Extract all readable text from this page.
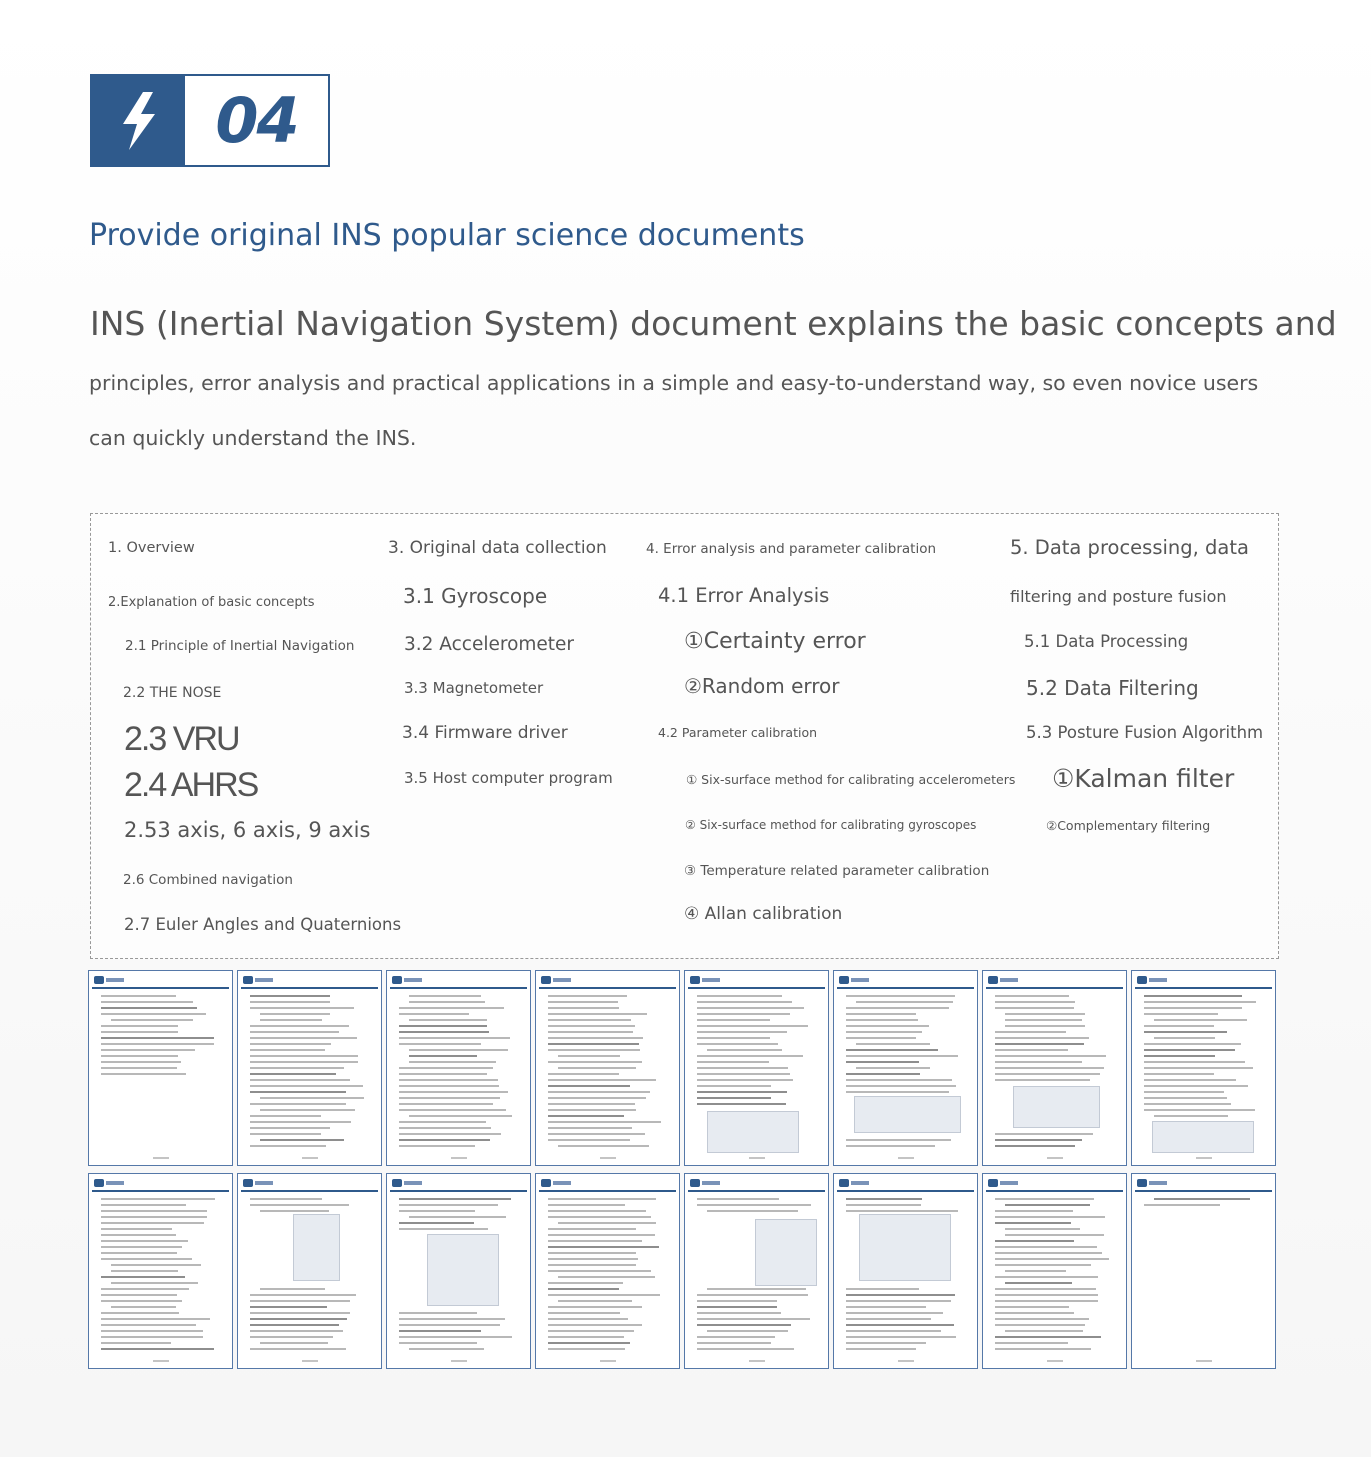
04
Provide original INS popular science documents
INS (Inertial Navigation System) document explains the basic concepts and
principles, error analysis and practical applications in a simple and easy-to-understand way, so even novice users
can quickly understand the INS.
1. Overview
2.Explanation of basic concepts
2.1 Principle of Inertial Navigation
2.2 THE NOSE
2.3 VRU
2.4 AHRS
2.53 axis, 6 axis, 9 axis
2.6 Combined navigation
2.7 Euler Angles and Quaternions
3. Original data collection
3.1 Gyroscope
3.2 Accelerometer
3.3 Magnetometer
3.4 Firmware driver
3.5 Host computer program
4. Error analysis and parameter calibration
4.1 Error Analysis
①Certainty error
②Random error
4.2 Parameter calibration
① Six-surface method for calibrating accelerometers
② Six-surface method for calibrating gyroscopes
③ Temperature related parameter calibration
④ Allan calibration
5. Data processing, data
filtering and posture fusion
5.1 Data Processing
5.2 Data Filtering
5.3 Posture Fusion Algorithm
①Kalman filter
②Complementary filtering
